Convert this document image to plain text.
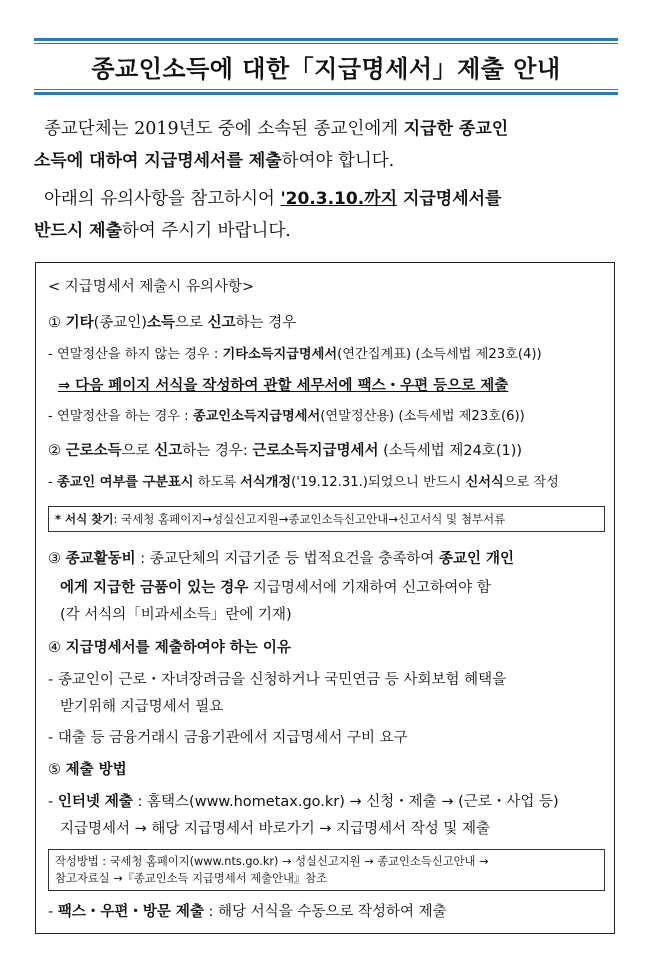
종교인소득에 대한「지급명세서」제출 안내
종교단체는 2019년도 중에 소속된 종교인에게 지급한 종교인
소득에 대하여 지급명세서를 제출하여야 합니다.
아래의 유의사항을 참고하시어 '20.3.10.까지 지급명세서를
반드시 제출하여 주시기 바랍니다.
< 지급명세서 제출시 유의사항>
① 기타(종교인)소득으로 신고하는 경우
- 연말정산을 하지 않는 경우 : 기타소득지급명세서(연간집계표) (소득세법 제23호(4))
⇒ 다음 페이지 서식을 작성하여 관할 세무서에 팩스・우편 등으로 제출
- 연말정산을 하는 경우 : 종교인소득지급명세서(연말정산용) (소득세법 제23호(6))
② 근로소득으로 신고하는 경우: 근로소득지급명세서 (소득세법 제24호(1))
- 종교인 여부를 구분표시 하도록 서식개정('19.12.31.)되었으니 반드시 신서식으로 작성
* 서식 찾기: 국세청 홈페이지→성실신고지원→종교인소득신고안내→신고서식 및 첨부서류
③ 종교활동비 : 종교단체의 지급기준 등 법적요건을 충족하여 종교인 개인
에게 지급한 금품이 있는 경우 지급명세서에 기재하여 신고하여야 함
(각 서식의「비과세소득」란에 기재)
④ 지급명세서를 제출하여야 하는 이유
- 종교인이 근로・자녀장려금을 신청하거나 국민연금 등 사회보험 혜택을
받기위해 지급명세서 필요
- 대출 등 금융거래시 금융기관에서 지급명세서 구비 요구
⑤ 제출 방법
- 인터넷 제출 : 홈택스(www.hometax.go.kr) → 신청・제출 → (근로・사업 등)
지급명세서 → 해당 지급명세서 바로가기 → 지급명세서 작성 및 제출
작성방법 : 국세청 홈페이지(www.nts.go.kr) → 성실신고지원 → 종교인소득신고안내 →
참고자료실 →『종교인소득 지급명세서 제출안내』참조
- 팩스・우편・방문 제출 : 해당 서식을 수동으로 작성하여 제출
